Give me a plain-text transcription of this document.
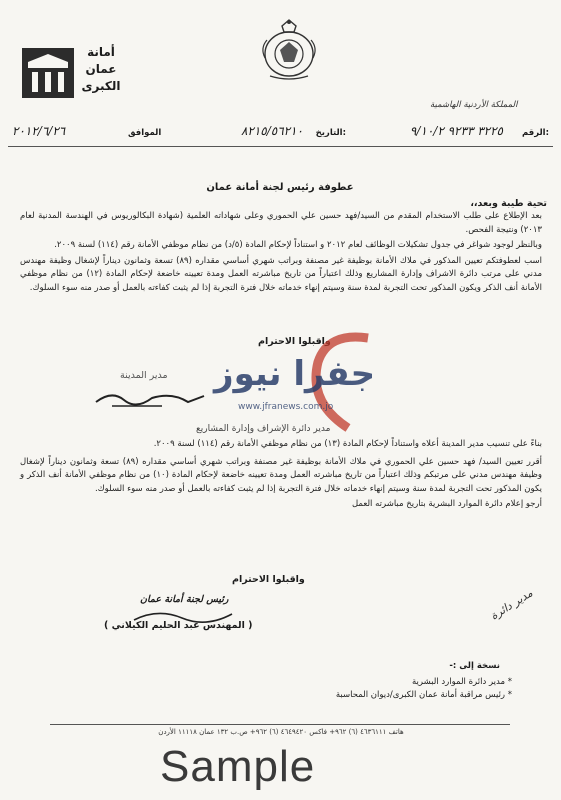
أمانة
عمان
الكبرى
المملكة الأردنية الهاشمية
الرقم:
٣٢٢٥ ٩٢٣٣ ٩/١٠/٢
التاريخ:
٨٢١٥/٥٦٢١٠
الموافق
٢٠١٢/٦/٢٦
عطوفة رئيس لجنة أمانة عمان
تحية طيبة وبعد،،
بعد الإطلاع على طلب الاستخدام المقدم من السيد/فهد حسين علي الحموري وعلى شهاداته العلمية (شهادة البكالوريوس في الهندسة المدنية لعام ٢٠١٣) ونتيجة الفحص.
وبالنظر لوجود شواغر في جدول تشكيلات الوظائف لعام ٢٠١٢ و استناداً لإحكام المادة (٥/د) من نظام موظفي الأمانة رقم (١١٤) لسنة ٢٠٠٩.
اسب لعطوفتكم تعيين المذكور في ملاك الأمانة بوظيفة غير مصنفة وبراتب شهري أساسي مقداره (٨٩) تسعة وثمانون ديناراً لإشغال وظيفة مهندس مدني على مرتب دائرة الاشراف وإدارة المشاريع وذلك اعتباراً من تاريخ مباشرته العمل ومدة تعيينه خاضعة لإحكام المادة (١٢) من نظام موظفي الأمانة أنف الذكر ويكون المذكور تحت التجربة لمدة سنة وسيتم إنهاء خدماته خلال فترة التجربة إذا لم يثبت كفاءته بالعمل أو صدر منه سوء السلوك.
واقبلوا الاحترام
مدير المدينة
مدير دائرة الإشراف وإدارة المشاريع
بناءً على تنسيب مدير المدينة أعلاه واستناداً لإحكام المادة (١٣) من نظام موظفي الأمانة رقم (١١٤) لسنة ٢٠٠٩.
أقرر تعيين السيد/ فهد حسين علي الحموري في ملاك الأمانة بوظيفة غير مصنفة وبراتب شهري أساسي مقداره (٨٩) تسعة وثمانون ديناراً لإشغال وظيفة مهندس مدني على مرتبكم وذلك اعتباراً من تاريخ مباشرته العمل ومدة تعيينه خاضعة لإحكام المادة (١٠) من نظام موظفي الأمانة أنف الذكر و يكون المذكور تحت التجربة لمدة سنة وسيتم إنهاء خدماته خلال فترة التجربة إذا لم يثبت كفاءته بالعمل أو صدر منه سوء السلوك.
أرجو إعلام دائرة الموارد البشرية بتاريخ مباشرته العمل
واقبلوا الاحترام
رئيس لجنة أمانة عمان
( المهندس عبد الحليم الكيلاني )
مدير دائرة
نسخة إلى :-
* مدير دائرة الموارد البشرية
* رئيس مراقبة أمانة عمان الكبرى/ديوان المحاسبة
هاتف ٤٦٣٦١١١ (٦) ٩٦٢+ فاكس ٤٦٤٩٤٢٠ (٦) ٩٦٢+ ص.ب ١٣٢ عمان ١١١١٨ الأردن
جفرا نيوز
www.jfranews.com.jo
Sample
